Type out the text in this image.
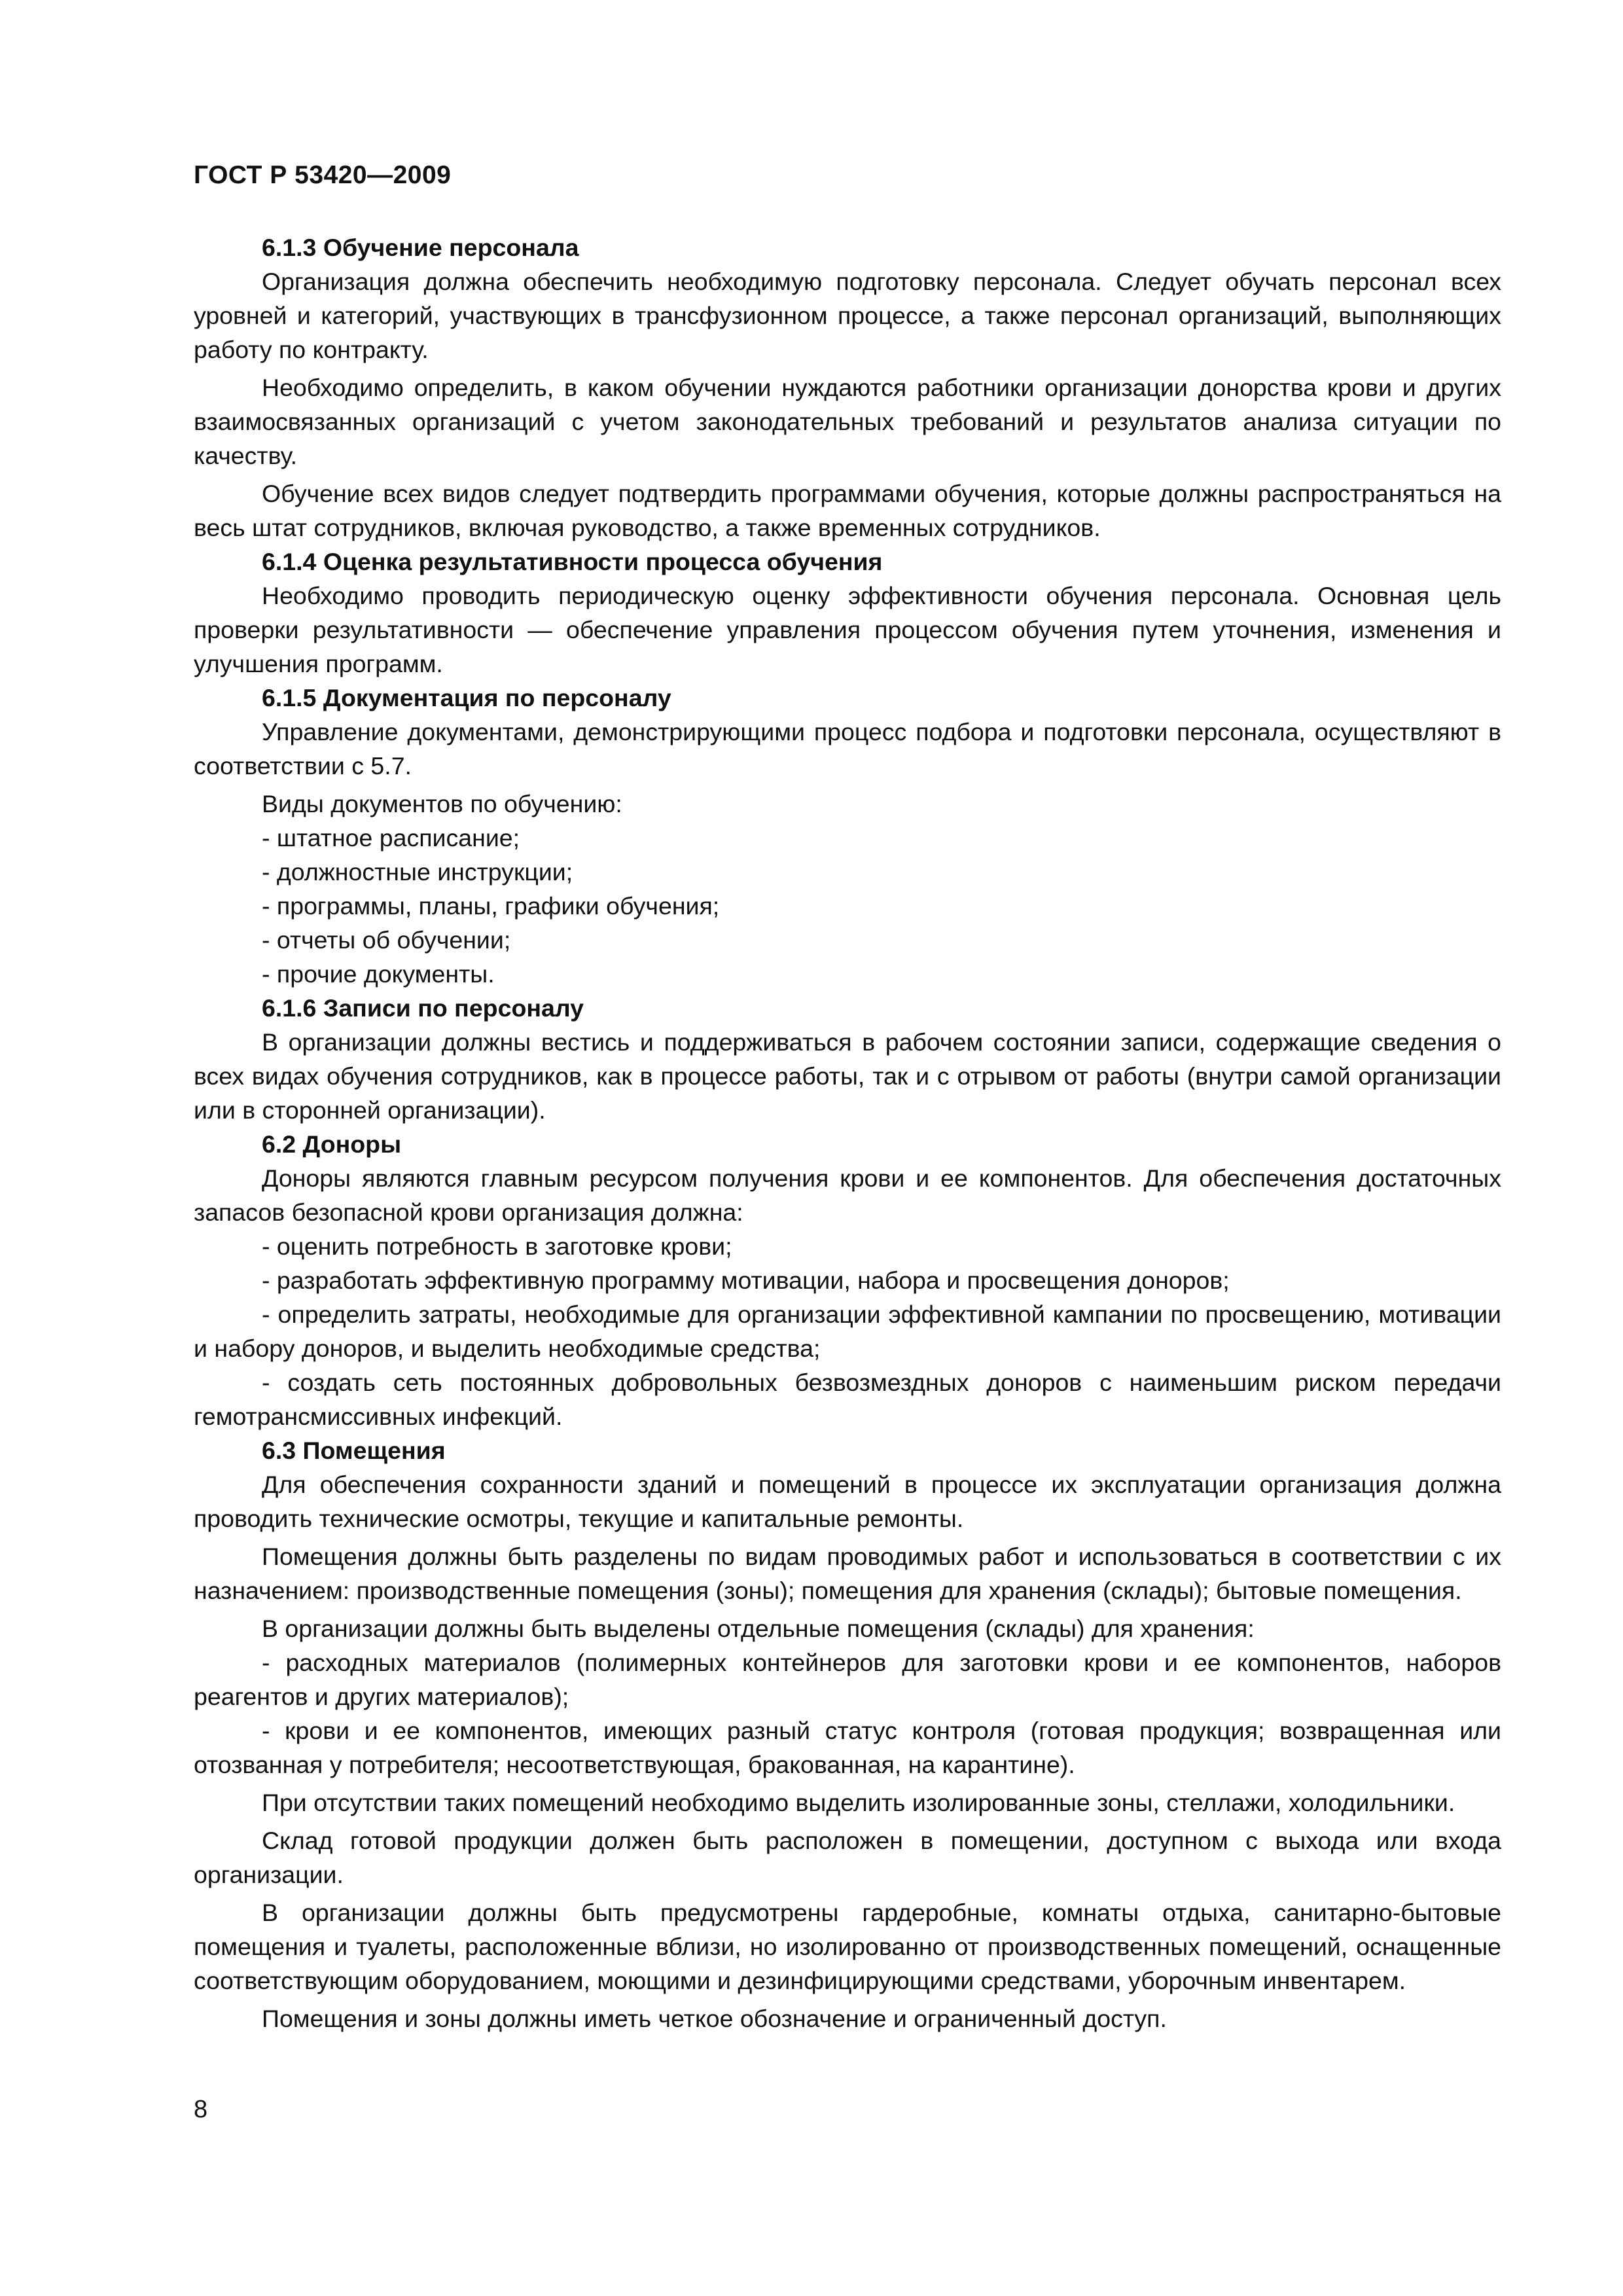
ГОСТ Р 53420—2009
6.1.3 Обучение персонала
Организация должна обеспечить необходимую подготовку персонала. Следует обучать персонал всех уровней и категорий, участвующих в трансфузионном процессе, а также персонал организаций, выполняющих работу по контракту.
Необходимо определить, в каком обучении нуждаются работники организации донорства крови и других взаимосвязанных организаций с учетом законодательных требований и результатов анализа ситуации по качеству.
Обучение всех видов следует подтвердить программами обучения, которые должны распространяться на весь штат сотрудников, включая руководство, а также временных сотрудников.
6.1.4 Оценка результативности процесса обучения
Необходимо проводить периодическую оценку эффективности обучения персонала. Основная цель проверки результативности — обеспечение управления процессом обучения путем уточнения, изменения и улучшения программ.
6.1.5 Документация по персоналу
Управление документами, демонстрирующими процесс подбора и подготовки персонала, осуществляют в соответствии с 5.7.
Виды документов по обучению:
- штатное расписание;
- должностные инструкции;
- программы, планы, графики обучения;
- отчеты об обучении;
- прочие документы.
6.1.6 Записи по персоналу
В организации должны вестись и поддерживаться в рабочем состоянии записи, содержащие сведения о всех видах обучения сотрудников, как в процессе работы, так и с отрывом от работы (внутри самой организации или в сторонней организации).
6.2 Доноры
Доноры являются главным ресурсом получения крови и ее компонентов. Для обеспечения достаточных запасов безопасной крови организация должна:
- оценить потребность в заготовке крови;
- разработать эффективную программу мотивации, набора и просвещения доноров;
- определить затраты, необходимые для организации эффективной кампании по просвещению, мотивации и набору доноров, и выделить необходимые средства;
- создать сеть постоянных добровольных безвозмездных доноров с наименьшим риском передачи гемотрансмиссивных инфекций.
6.3 Помещения
Для обеспечения сохранности зданий и помещений в процессе их эксплуатации организация должна проводить технические осмотры, текущие и капитальные ремонты.
Помещения должны быть разделены по видам проводимых работ и использоваться в соответствии с их назначением: производственные помещения (зоны); помещения для хранения (склады); бытовые помещения.
В организации должны быть выделены отдельные помещения (склады) для хранения:
- расходных материалов (полимерных контейнеров для заготовки крови и ее компонентов, наборов реагентов и других материалов);
- крови и ее компонентов, имеющих разный статус контроля (готовая продукция; возвращенная или отозванная у потребителя; несоответствующая, бракованная, на карантине).
При отсутствии таких помещений необходимо выделить изолированные зоны, стеллажи, холодильники.
Склад готовой продукции должен быть расположен в помещении, доступном с выхода или входа организации.
В организации должны быть предусмотрены гардеробные, комнаты отдыха, санитарно-бытовые помещения и туалеты, расположенные вблизи, но изолированно от производственных помещений, оснащенные соответствующим оборудованием, моющими и дезинфицирующими средствами, уборочным инвентарем.
Помещения и зоны должны иметь четкое обозначение и ограниченный доступ.
8
